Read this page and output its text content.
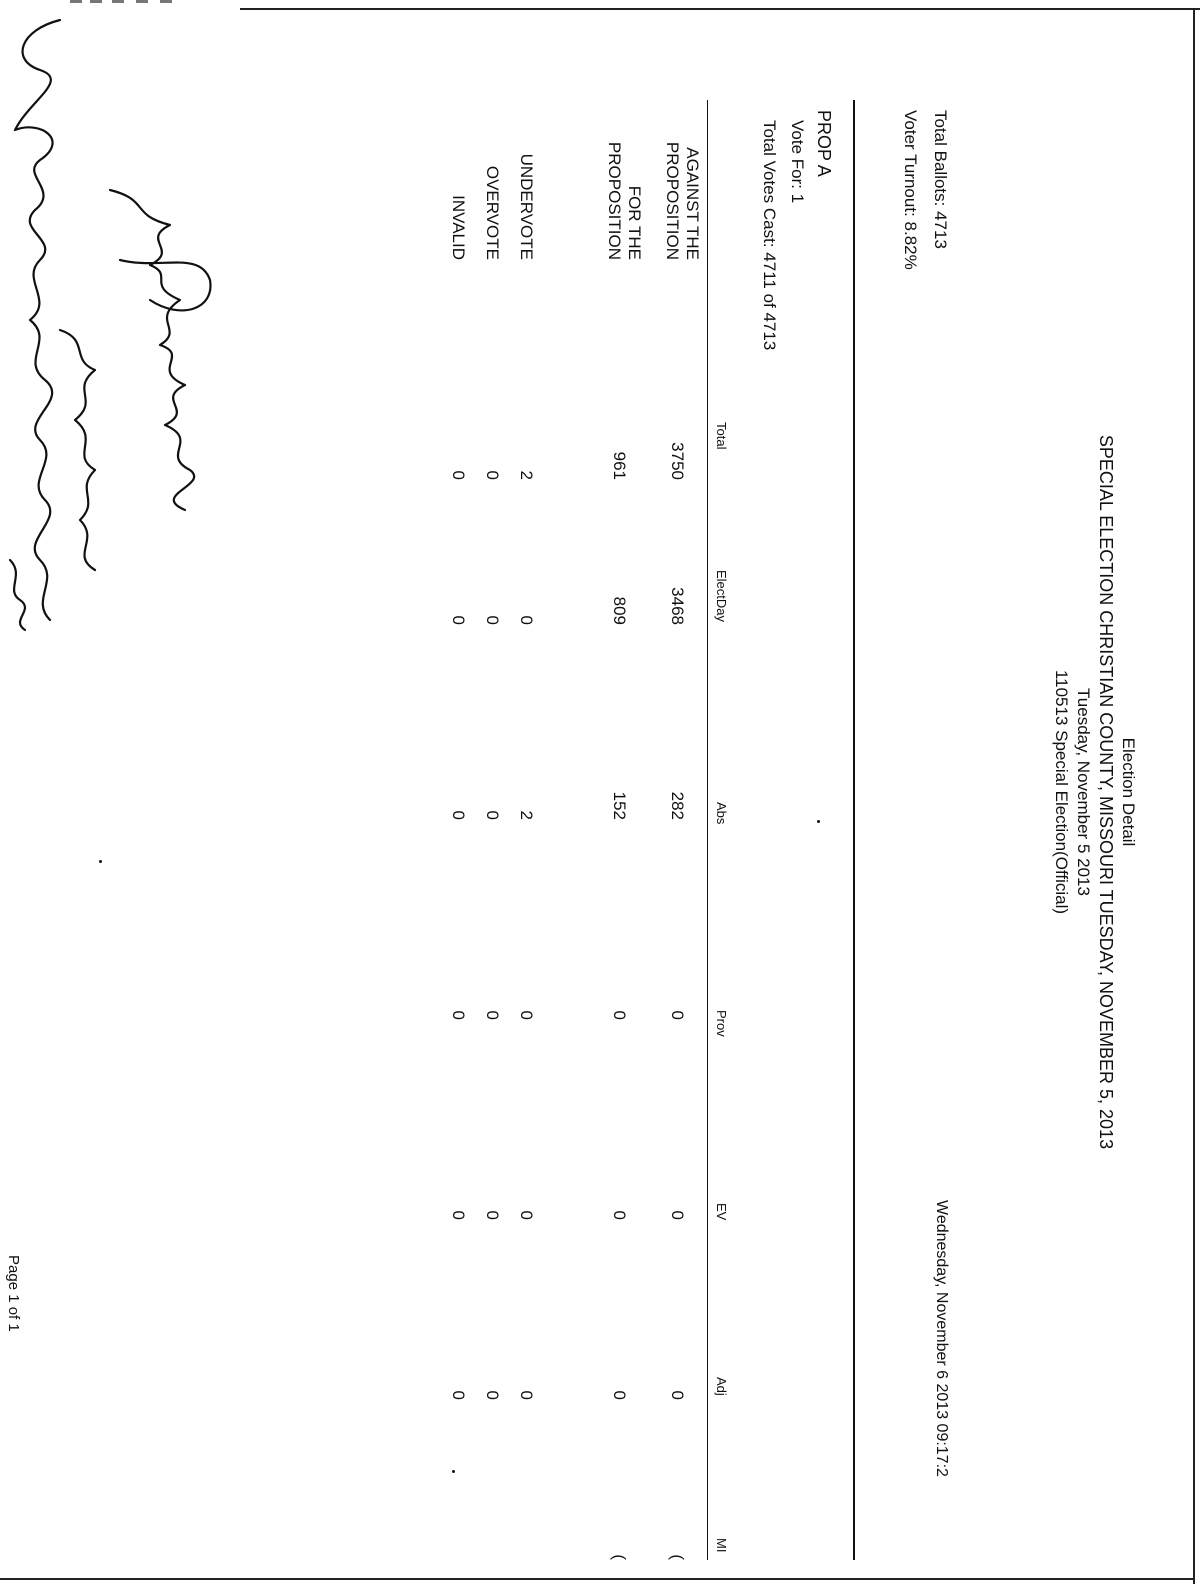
Election Detail
SPECIAL ELECTION CHRISTIAN COUNTY, MISSOURI TUESDAY, NOVEMBER 5, 2013
Tuesday, November 5 2013
110513 Special Election(Official)
Wednesday, November 6 2013 09:17:2
Total Ballots: 4713
Voter Turnout: 8.82%
PROP A
Vote For: 1
Total Votes Cast: 4711 of 4713
Total
ElectDay
Abs
Prov
EV
Adj
MI
AGAINST THE
PROPOSITION
FOR THE
PROPOSITION
UNDERVOTE
OVERVOTE
INVALID
3750
3468
282
0
0
0
(
961
809
152
0
0
0
(
2
0
2
0
0
0
0
0
0
0
0
0
0
0
0
0
0
0
Page 1 of 1
